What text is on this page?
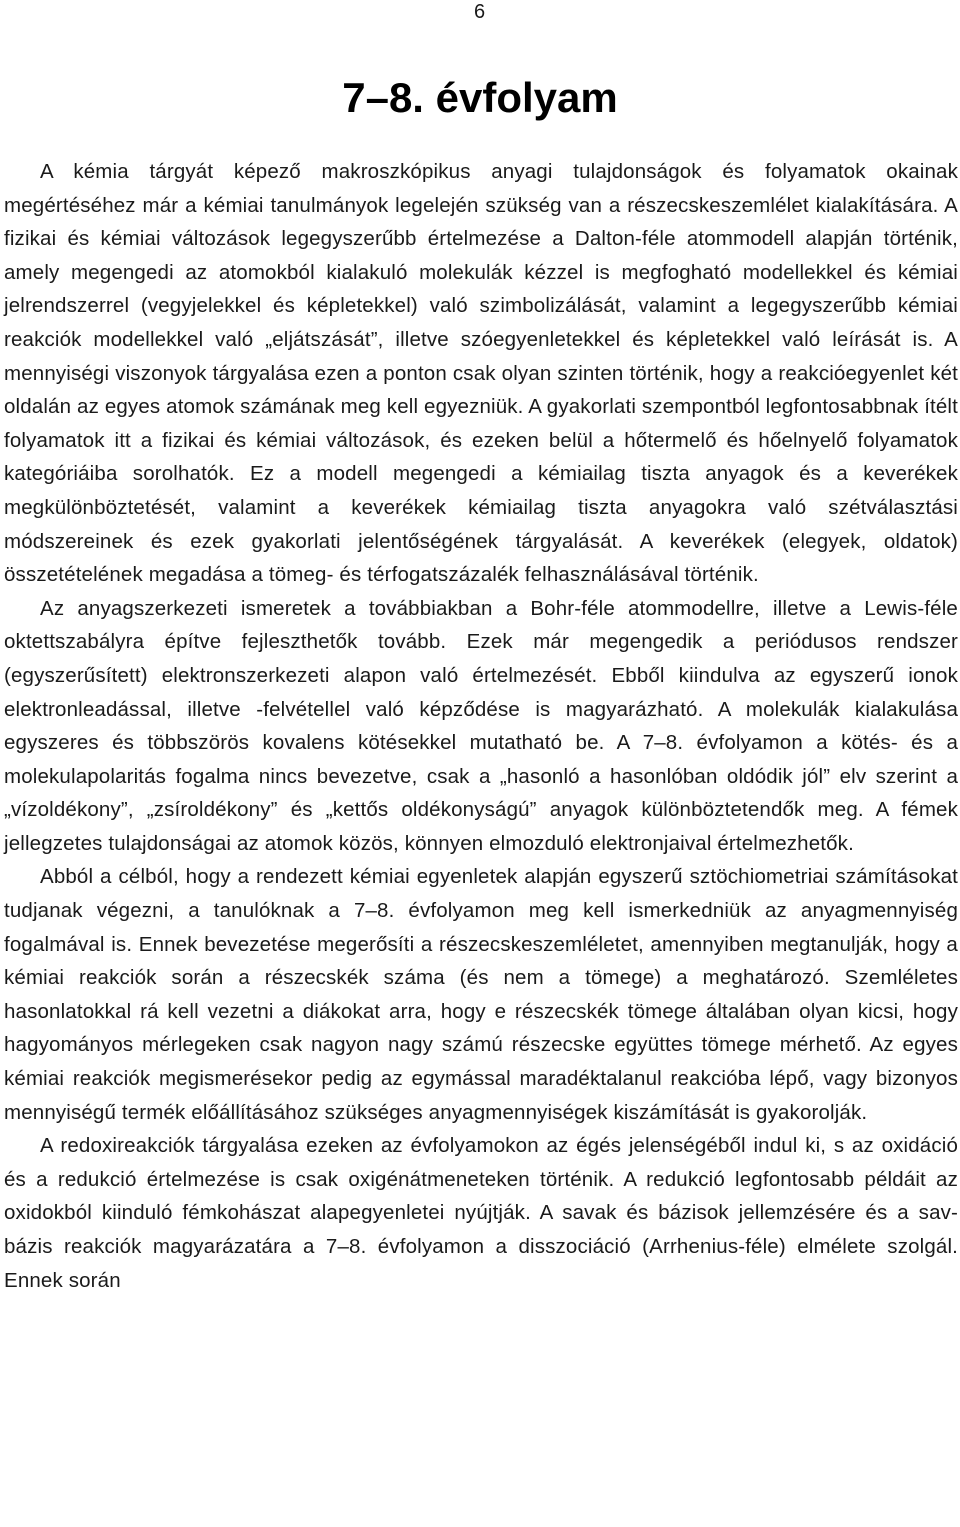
6
7–8. évfolyam

A kémia tárgyát képező makroszkópikus anyagi tulajdonságok és folyamatok okainak megértéséhez már a kémiai tanulmányok legelején szükség van a részecskeszemlélet kialakítására. A fizikai és kémiai változások legegyszerűbb értelmezése a Dalton-féle atommodell alapján történik, amely megengedi az atomokból kialakuló molekulák kézzel is megfogható modellekkel és kémiai jelrendszerrel (vegyjelekkel és képletekkel) való szimbolizálását, valamint a legegyszerűbb kémiai reakciók modellekkel való „eljátszását”, illetve szóegyenletekkel és képletekkel való leírását is. A mennyiségi viszonyok tárgyalása ezen a ponton csak olyan szinten történik, hogy a reakcióegyenlet két oldalán az egyes atomok számának meg kell egyezniük. A gyakorlati szempontból legfontosabbnak ítélt folyamatok itt a fizikai és kémiai változások, és ezeken belül a hőtermelő és hőelnyelő folyamatok kategóriáiba sorolhatók. Ez a modell megengedi a kémiailag tiszta anyagok és a keverékek megkülönböztetését, valamint a keverékek kémiailag tiszta anyagokra való szétválasztási módszereinek és ezek gyakorlati jelentőségének tárgyalását. A keverékek (elegyek, oldatok) összetételének megadása a tömeg- és térfogatszázalék felhasználásával történik.

Az anyagszerkezeti ismeretek a továbbiakban a Bohr-féle atommodellre, illetve a Lewis-féle oktettszabályra építve fejleszthetők tovább. Ezek már megengedik a periódusos rendszer (egyszerűsített) elektronszerkezeti alapon való értelmezését. Ebből kiindulva az egyszerű ionok elektronleadással, illetve -felvétellel való képződése is magyarázható. A molekulák kialakulása egyszeres és többszörös kovalens kötésekkel mutatható be. A 7–8. évfolyamon a kötés- és a molekulapolaritás fogalma nincs bevezetve, csak a „hasonló a hasonlóban oldódik jól” elv szerint a „vízoldékony”, „zsíroldékony” és „kettős oldékonyságú” anyagok különböztetendők meg. A fémek jellegzetes tulajdonságai az atomok közös, könnyen elmozduló elektronjaival értelmezhetők.

Abból a célból, hogy a rendezett kémiai egyenletek alapján egyszerű sztöchiometriai számításokat tudjanak végezni, a tanulóknak a 7–8. évfolyamon meg kell ismerkedniük az anyagmennyiség fogalmával is. Ennek bevezetése megerősíti a részecskeszemléletet, amennyiben megtanulják, hogy a kémiai reakciók során a részecskék száma (és nem a tömege) a meghatározó. Szemléletes hasonlatokkal rá kell vezetni a diákokat arra, hogy e részecskék tömege általában olyan kicsi, hogy hagyományos mérlegeken csak nagyon nagy számú részecske együttes tömege mérhető. Az egyes kémiai reakciók megismerésekor pedig az egymással maradéktalanul reakcióba lépő, vagy bizonyos mennyiségű termék előállításához szükséges anyagmennyiségek kiszámítását is gyakorolják.

A redoxireakciók tárgyalása ezeken az évfolyamokon az égés jelenségéből indul ki, s az oxidáció és a redukció értelmezése is csak oxigénátmeneteken történik. A redukció legfontosabb példáit az oxidokból kiinduló fémkohászat alapegyenletei nyújtják. A savak és bázisok jellemzésére és a sav-bázis reakciók magyarázatára a 7–8. évfolyamon a disszociáció (Arrhenius-féle) elmélete szolgál. Ennek során
